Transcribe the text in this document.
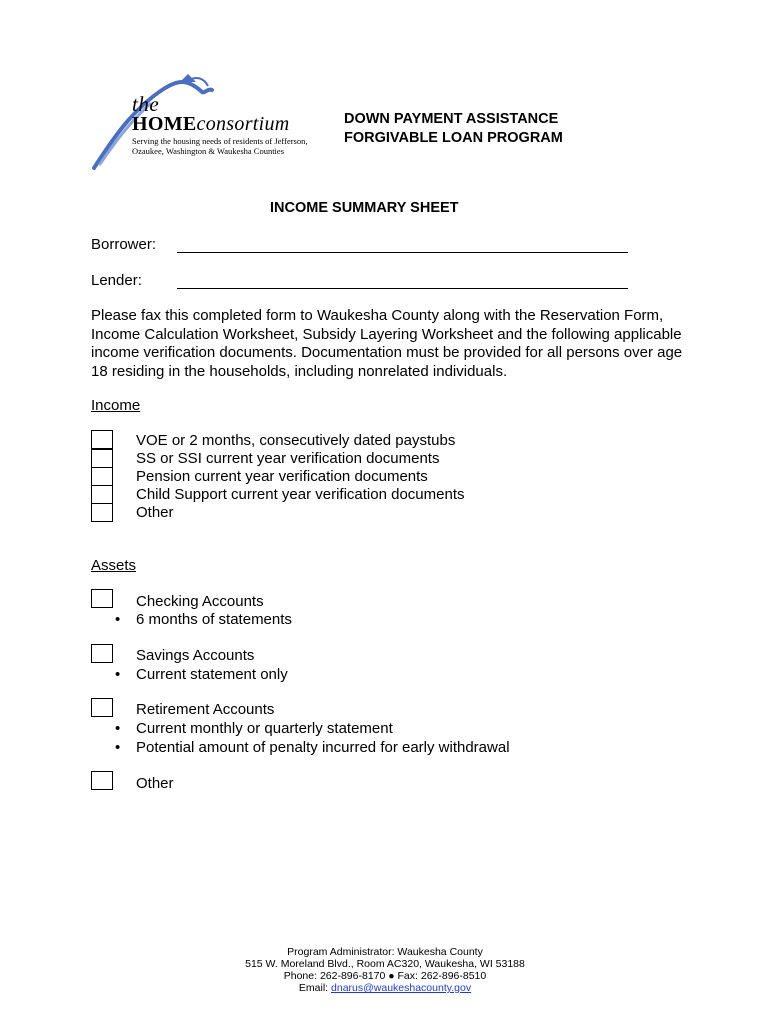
the
HOMEconsortium
Serving the housing needs of residents of Jefferson,
Ozaukee, Washington & Waukesha Counties
DOWN PAYMENT ASSISTANCE
FORGIVABLE LOAN PROGRAM
INCOME SUMMARY SHEET
Borrower:
Lender:
Please fax this completed form to Waukesha County along with the Reservation Form, Income Calculation Worksheet, Subsidy Layering Worksheet and the following applicable income verification documents. Documentation must be provided for all persons over age 18 residing in the households, including nonrelated individuals.
Income
VOE or 2 months, consecutively dated paystubs
SS or SSI current year verification documents
Pension current year verification documents
Child Support current year verification documents
Other
Assets
Checking Accounts
• 6 months of statements
Savings Accounts
• Current statement only
Retirement Accounts
• Current monthly or quarterly statement
• Potential amount of penalty incurred for early withdrawal
Other
Program Administrator: Waukesha County
515 W. Moreland Blvd., Room AC320, Waukesha, WI 53188
Phone: 262-896-8170 ● Fax: 262-896-8510
Email: dnarus@waukeshacounty.gov
